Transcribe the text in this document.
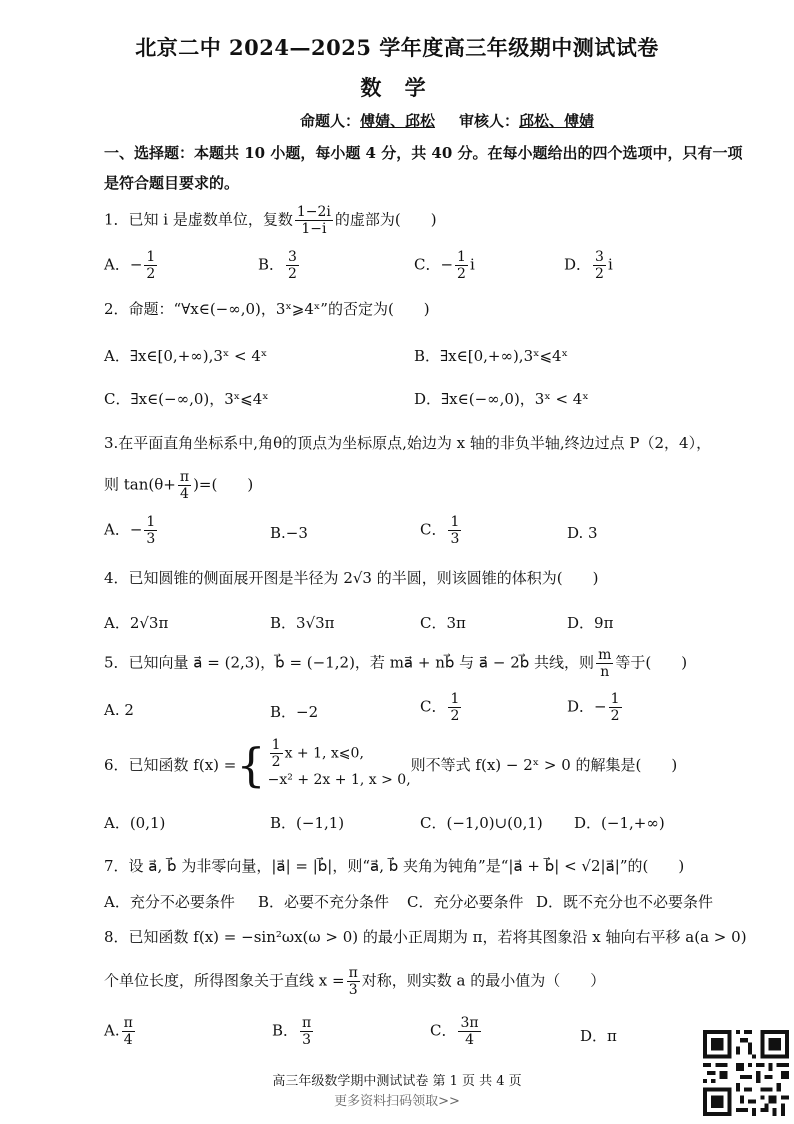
北京二中 2024—2025 学年度高三年级期中测试试卷
数 学
命题人：傅婧、邱松 审核人：邱松、傅婧
一、选择题：本题共 10 小题，每小题 4 分，共 40 分。在每小题给出的四个选项中，只有一项是符合题目要求的。
1．已知 i 是虚数单位，复数 $\frac{1-2i}{1-i}$ 的虚部为(　　)
A．− $\frac{1}{2}$	B． $\frac{3}{2}$	C．− $\frac{1}{2}$ i	D． $\frac{3}{2}$ i
2．命题：“∀x∈(−∞,0)，3ˣ⩾4ˣ”的否定为(　　)
A．∃x∈[0,+∞),3ˣ < 4ˣ	B．∃x∈[0,+∞),3ˣ⩽4ˣ
C．∃x∈(−∞,0)，3ˣ⩽4ˣ	D．∃x∈(−∞,0)，3ˣ < 4ˣ
3.在平面直角坐标系中,角θ的顶点为坐标原点,始边为 x 轴的非负半轴,终边过点 P（2，4），
则 $\tan(\theta+ \frac{\pi}{4}$ )=(　　)
A．− $\frac{1}{3}$	B.−3	C． $\frac{1}{3}$	D. 3
4．已知圆锥的侧面展开图是半径为 2√3 的半圆，则该圆锥的体积为(　　)
A．2√3π	B．3√3π	C．3π	D．9π
5．已知向量 a⃗ = (2,3)，b⃗ = (−1,2)，若 ma⃗ + nb⃗ 与 a⃗ − 2b⃗ 共线，则 $\frac{m}{n}$ 等于(　　)
A. 2	B．−2	C． $\frac{1}{2}$	D．− $\frac{1}{2}$
6．已知函数 f(x) ={ $\frac{1}{2}$ x + 1, x⩽0,
−x² + 2x + 1, x > 0,
则不等式 f(x) − 2ˣ > 0 的解集是(　　)
A．(0,1)	B．(−1,1)	C．(−1,0)∪(0,1) D．(−1,+∞)
7．设 a⃗, b⃗ 为非零向量，|a⃗| = |b⃗|，则“a⃗, b⃗ 夹角为钝角”是“|a⃗ + b⃗| < √2|a⃗|”的(　　)
A．充分不必要条件 B．必要不充分条件 C．充分必要条件 D．既不充分也不必要条件
8．已知函数 f(x) = −sin²ωx(ω > 0) 的最小正周期为 π，若将其图象沿 x 轴向右平移 a(a > 0)
个单位长度，所得图象关于直线 $x = \frac{\pi}{3}$ 对称，则实数 a 的最小值为（　　）
A. $\frac{\pi}{4}$	B． $\frac{\pi}{3}$	C． $\frac{3\pi}{4}$	D．π
高三年级数学期中测试试卷 第 1 页 共 4 页
更多资料扫码领取>>
